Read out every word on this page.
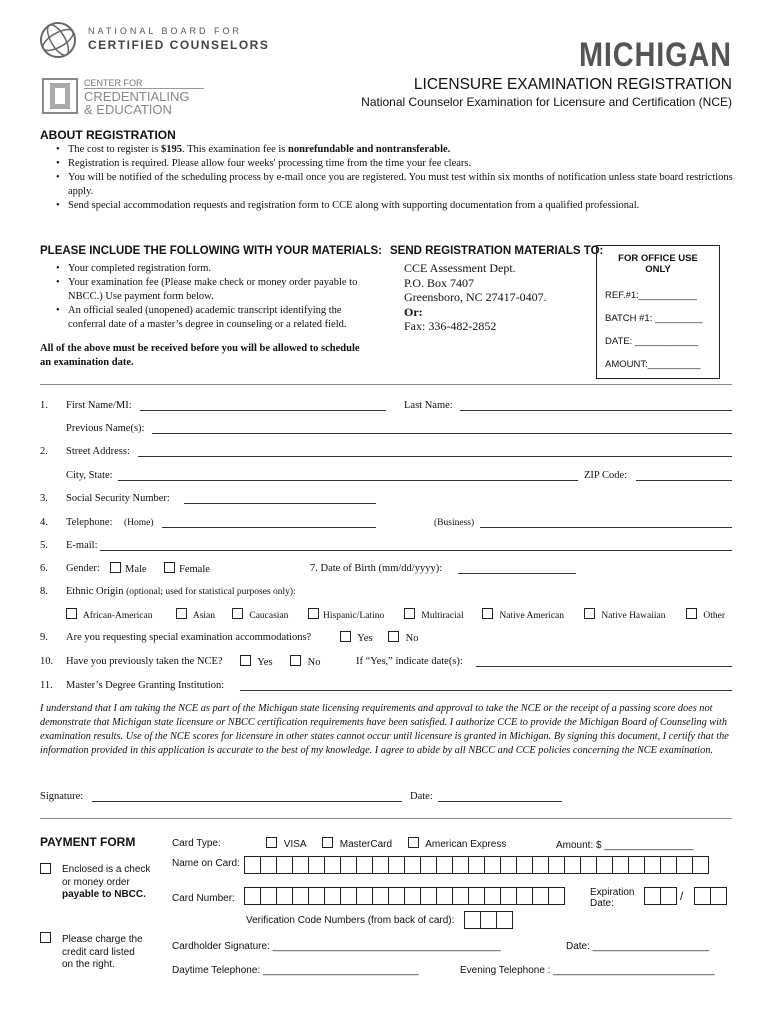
NATIONAL BOARD FOR
CERTIFIED COUNSELORS
CENTER FOR
CREDENTIALING
& EDUCATION
MICHIGAN
LICENSURE EXAMINATION REGISTRATION
National Counselor Examination for Licensure and Certification (NCE)
ABOUT REGISTRATION
• The cost to register is $195. This examination fee is nonrefundable and nontransferable.
• Registration is required. Please allow four weeks' processing time from the time your fee clears.
• You will be notified of the scheduling process by e-mail once you are registered. You must test within six months of notification unless state board restrictions apply.
• Send special accommodation requests and registration form to CCE along with supporting documentation from a qualified professional.
PLEASE INCLUDE THE FOLLOWING WITH YOUR MATERIALS:
• Your completed registration form.
• Your examination fee (Please make check or money order payable to NBCC.) Use payment form below.
• An official sealed (unopened) academic transcript identifying the conferral date of a master’s degree in counseling or a related field.
All of the above must be received before you will be allowed to schedule an examination date.
SEND REGISTRATION MATERIALS TO:
CCE Assessment Dept.
P.O. Box 7407
Greensboro, NC 27417-0407.
Or:
Fax: 336-482-2852
FOR OFFICE USE
ONLY
REF.#1:___________
BATCH #1: _________
DATE: ____________
AMOUNT:__________
1. First Name/MI:	Last Name:
Previous Name(s):
2. Street Address:
City, State:	ZIP Code:
3. Social Security Number:
4. Telephone: (Home)	(Business)
5. E-mail:
6. Gender:	Male	Female	7. Date of Birth (mm/dd/yyyy):
8. Ethnic Origin (optional; used for statistical purposes only):
African-American	Asian	Caucasian	Hispanic/Latino	Multiracial	Native American	Native Hawaiian	Other
9. Are you requesting special examination accommodations?	Yes	No
10. Have you previously taken the NCE?	Yes	No	If “Yes,” indicate date(s):
11. Master’s Degree Granting Institution:
I understand that I am taking the NCE as part of the Michigan state licensing requirements and approval to take the NCE or the receipt of a passing score does not demonstrate that Michigan state licensure or NBCC certification requirements have been satisfied. I authorize CCE to provide the Michigan Board of Counseling with examination results. Use of the NCE scores for licensure in other states cannot occur until licensure is granted in Michigan. By signing this document, I certify that the information provided in this application is accurate to the best of my knowledge. I agree to abide by all NBCC and CCE policies concerning the NCE examination.
Signature:	Date:
PAYMENT FORM	Card Type:	VISA	MasterCard	American Express	Amount: $ ________________
Enclosed is a check
or money order
payable to NBCC.
Name on Card:
Card Number:
Expiration
Date:
/
Verification Code Numbers (from back of card):
Please charge the
credit card listed
on the right.
Cardholder Signature: _________________________________________	Date: _____________________
Daytime Telephone: ____________________________	Evening Telephone : _____________________________
